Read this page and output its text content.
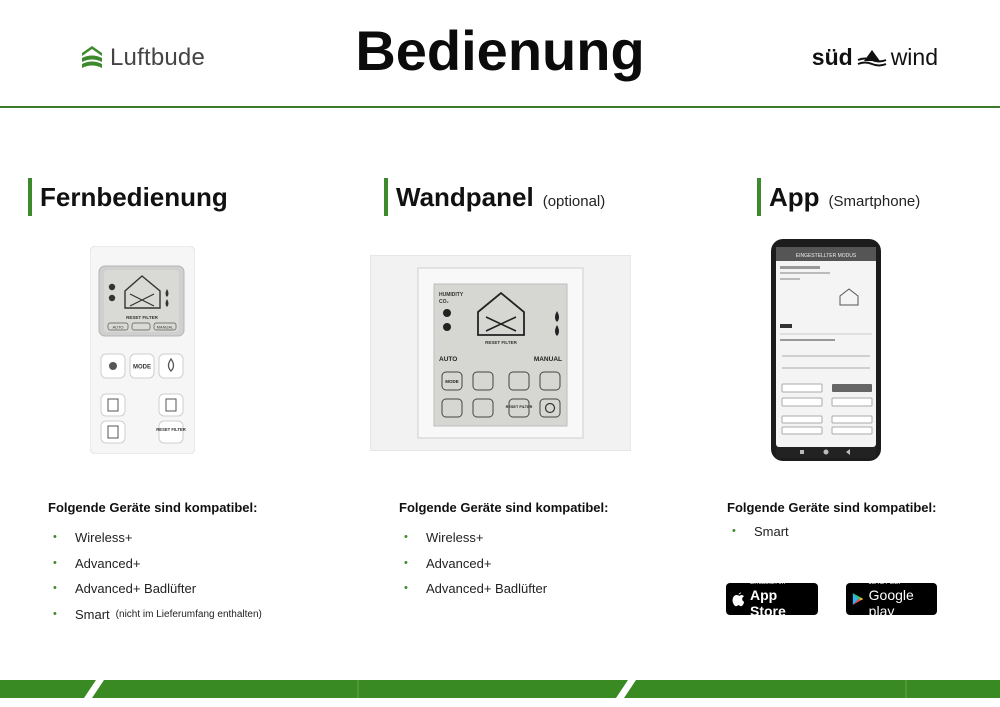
Luftbude	Bedienung	süd wind
Fernbedienung	Wandpanel (optional)	App (Smartphone)
RESET FILTER
AUTO	MANUAL
MODE
RESET FILTER
HUMIDITY
CO₂
RESET FILTER
AUTO	MANUAL
MODE
RESET FILTER
EINGESTELLTER MODUS
Folgende Geräte sind kompatibel:
•	Wireless+
•	Advanced+
•	Advanced+ Badlüfter
•	Smart (nicht im Lieferumfang enthalten)
Folgende Geräte sind kompatibel:
•	Wireless+
•	Advanced+
•	Advanced+ Badlüfter
Folgende Geräte sind kompatibel:
•	Smart
Erhältlich im
App Store
JETZT BEI
Google play
